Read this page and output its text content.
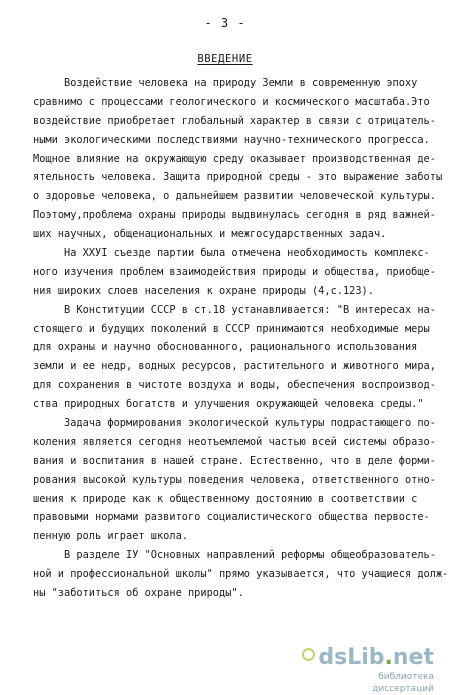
- 3 -
ВВЕДЕНИЕ
Воздействие человека на природу Земли в современную эпоху
сравнимо с процессами геологического и космического масштаба.Это
воздействие приобретает глобальный характер в связи с отрицатель-
ными экологическими последствиями научно-технического прогресса.
Мощное влияние на окружающую среду оказывает производственная де-
ятельность человека. Защита природной среды - это выражение заботы
о здоровье человека, о дальнейшем развитии человеческой культуры.
Поэтому,проблема охраны природы выдвинулась сегодня в ряд важней-
ших научных, общенациональных и межгосударственных задач.
На XXУI съезде партии была отмечена необходимость комплекс-
ного изучения проблем взаимодействия природы и общества, приобще-
ния широких слоев населения к охране природы (4,с.123).
В Конституции СССР в ст.18 устанавливается: "В интересах на-
стоящего и будущих поколений в СССР принимаются необходимые меры
для охраны и научно обоснованного, рационального использования
земли и ее недр, водных ресурсов, растительного и животного мира,
для сохранения в чистоте воздуха и воды, обеспечения воспроизвод-
ства природных богатств и улучшения окружающей человека среды."
Задача формирования экологической культуры подрастающего по-
коления является сегодня неотъемлемой частью всей системы образо-
вания и воспитания в нашей стране. Естественно, что в деле форми-
рования высокой культуры поведения человека, ответственного отно-
шения к природе как к общественному достоянию в соответствии с
правовыми нормами развитого социалистического общества первосте-
пенную роль играет школа.
В разделе IУ "Основных направлений реформы общеобразователь-
ной и профессиональной школы" прямо указывается, что учащиеся долж-
ны "заботиться об охране природы".
dsLib.net
библиотека диссертаций
